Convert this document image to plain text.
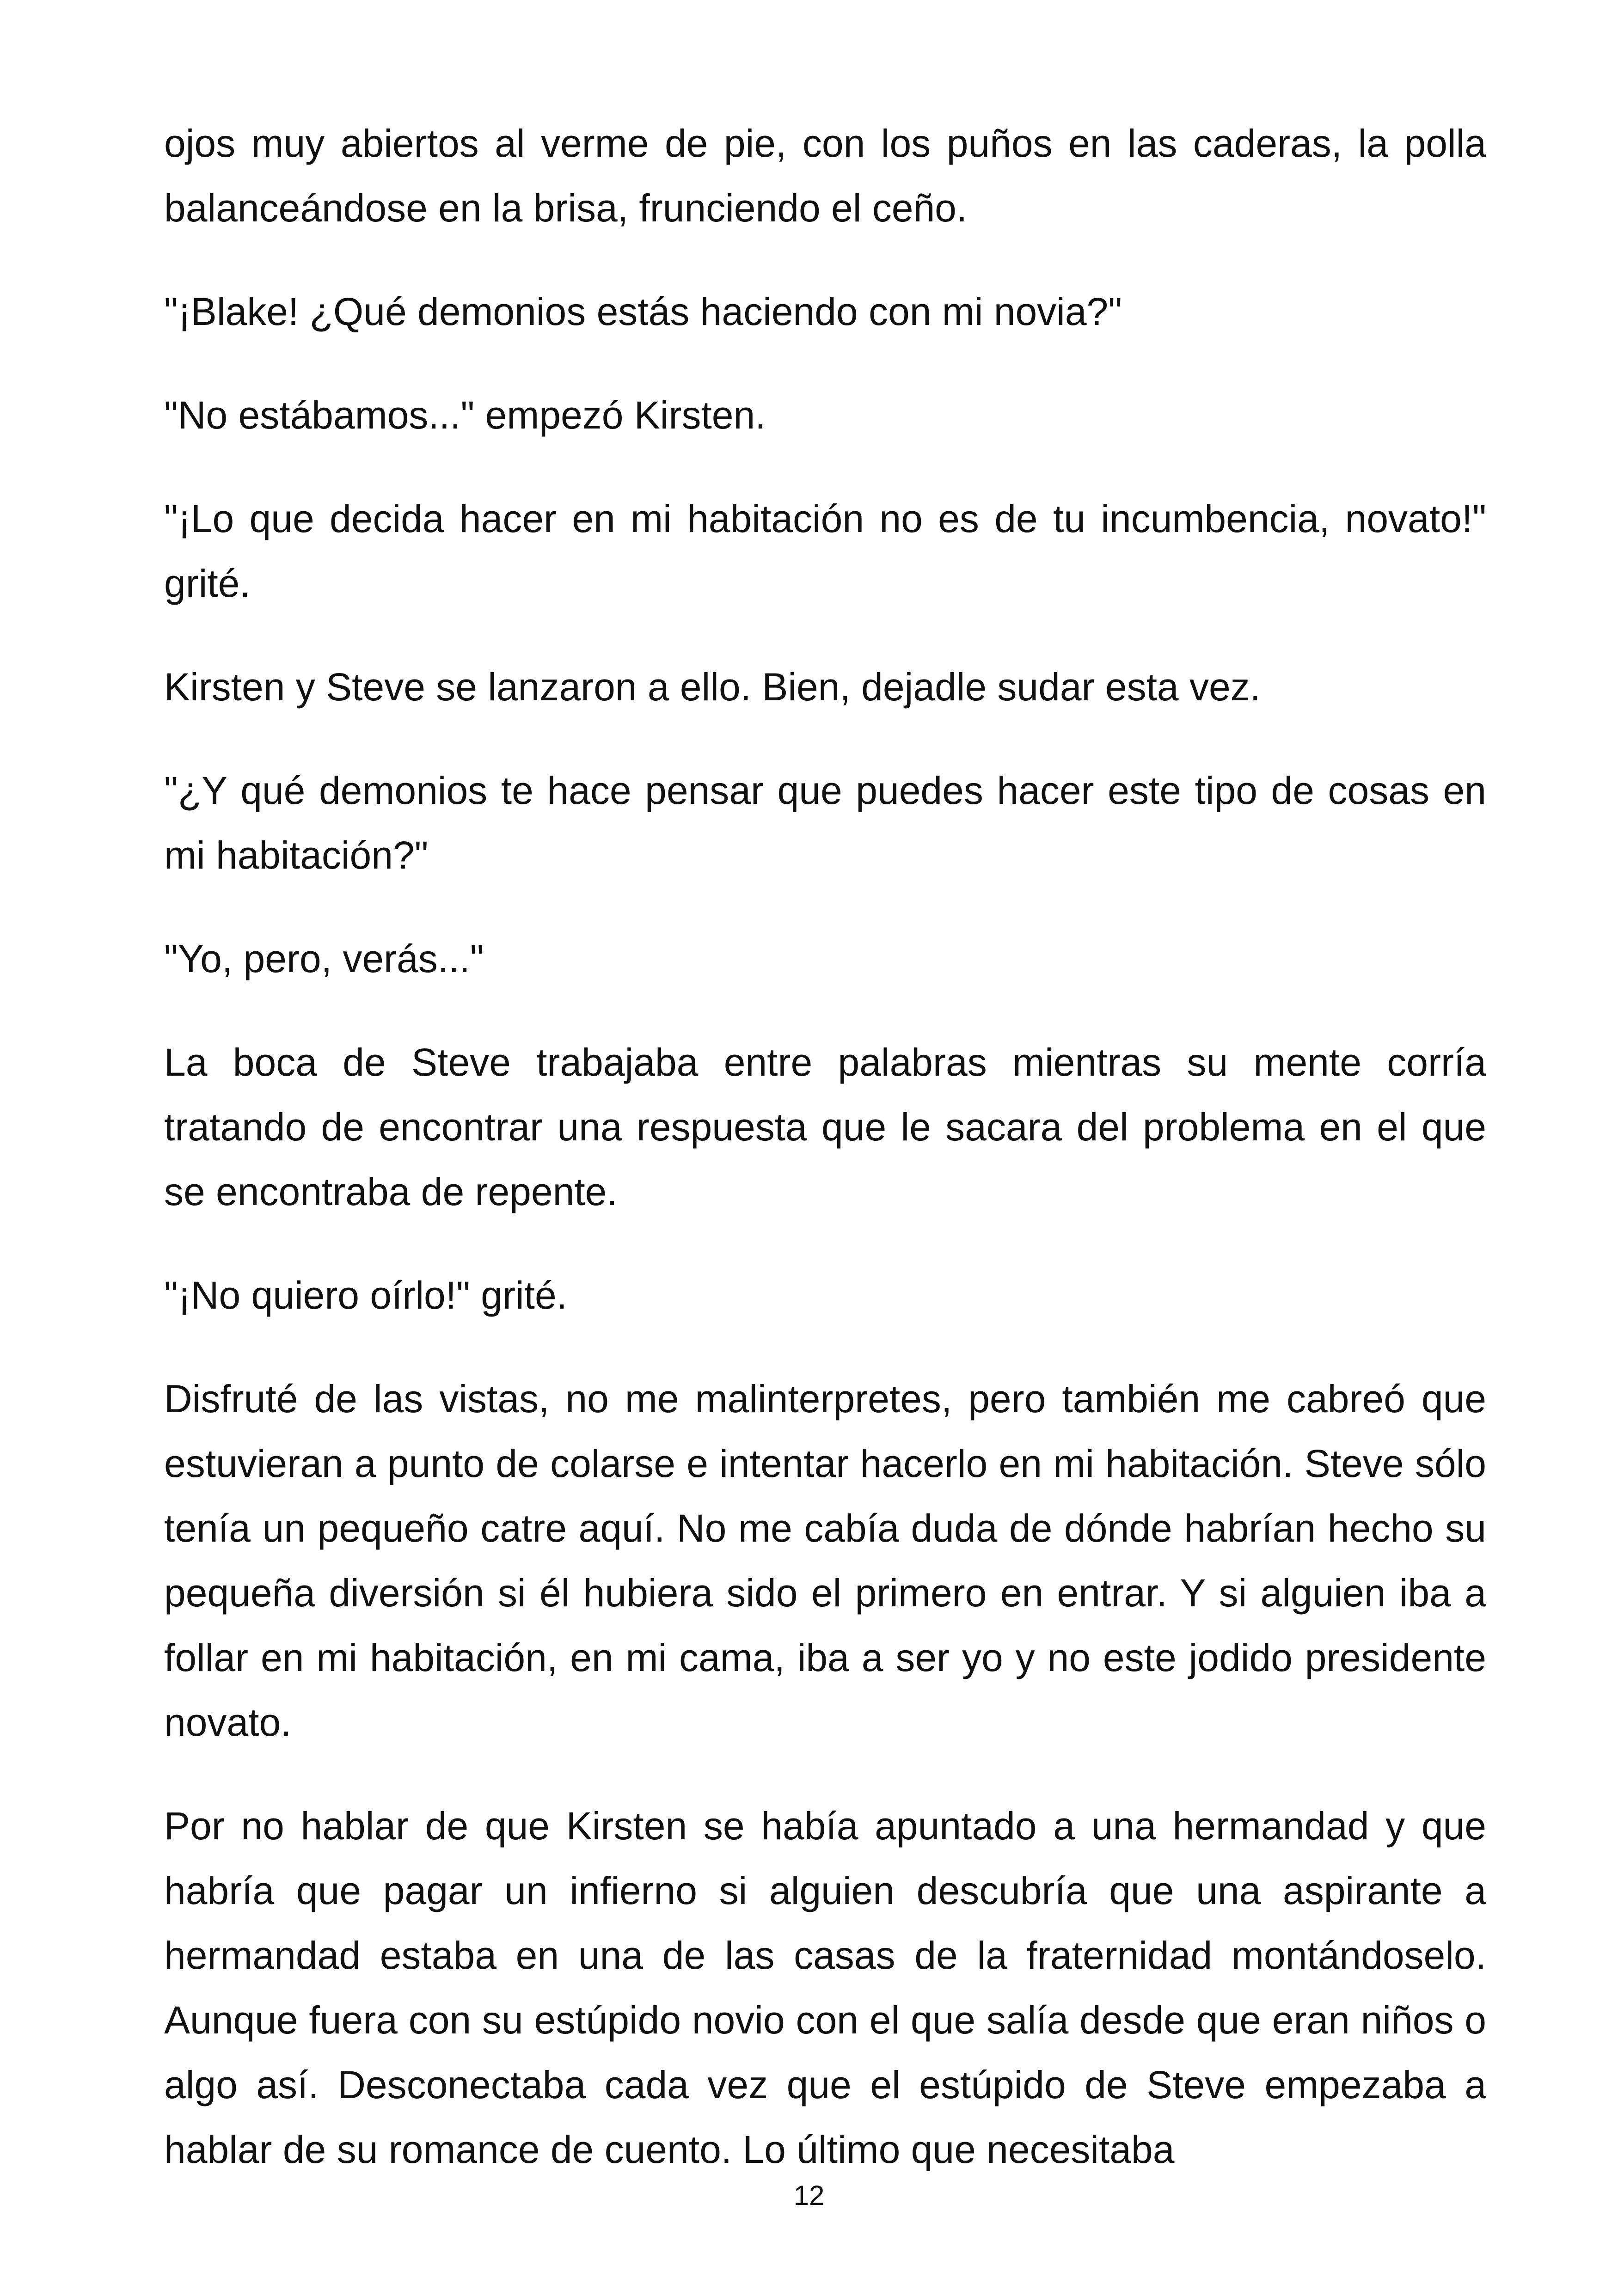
ojos muy abiertos al verme de pie, con los puños en las caderas, la polla balanceándose en la brisa, frunciendo el ceño.

"¡Blake! ¿Qué demonios estás haciendo con mi novia?"

"No estábamos..." empezó Kirsten.

"¡Lo que decida hacer en mi habitación no es de tu incumbencia, novato!" grité.

Kirsten y Steve se lanzaron a ello. Bien, dejadle sudar esta vez.

"¿Y qué demonios te hace pensar que puedes hacer este tipo de cosas en mi habitación?"

"Yo, pero, verás..."

La boca de Steve trabajaba entre palabras mientras su mente corría tratando de encontrar una respuesta que le sacara del problema en el que se encontraba de repente.

"¡No quiero oírlo!" grité.

Disfruté de las vistas, no me malinterpretes, pero también me cabreó que estuvieran a punto de colarse e intentar hacerlo en mi habitación. Steve sólo tenía un pequeño catre aquí. No me cabía duda de dónde habrían hecho su pequeña diversión si él hubiera sido el primero en entrar. Y si alguien iba a follar en mi habitación, en mi cama, iba a ser yo y no este jodido presidente novato.

Por no hablar de que Kirsten se había apuntado a una hermandad y que habría que pagar un infierno si alguien descubría que una aspirante a hermandad estaba en una de las casas de la fraternidad montándoselo. Aunque fuera con su estúpido novio con el que salía desde que eran niños o algo así. Desconectaba cada vez que el estúpido de Steve empezaba a hablar de su romance de cuento. Lo último que necesitaba

12
